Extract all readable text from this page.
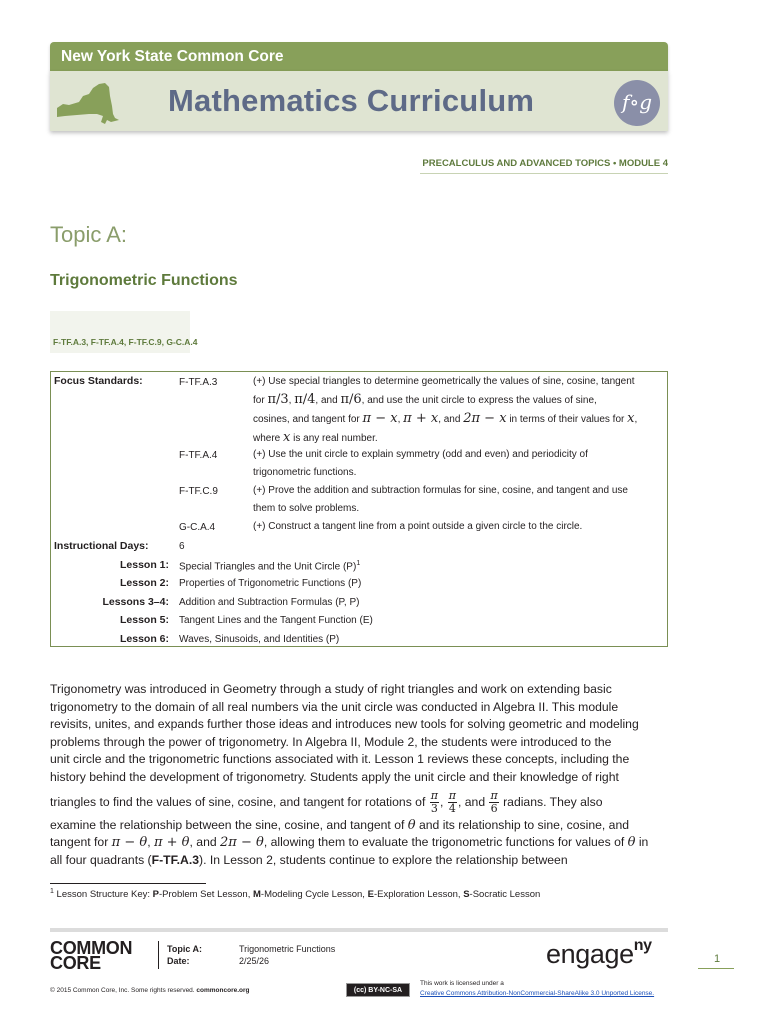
New York State Common Core
Mathematics Curriculum	f∘g
PRECALCULUS AND ADVANCED TOPICS • MODULE 4
Topic A:
Trigonometric Functions
F-TF.A.3, F-TF.A.4, F-TF.C.9, G-C.A.4
Focus Standards:	F-TF.A.3	(+) Use special triangles to determine geometrically the values of sine, cosine, tangent
for π/3, π/4, and π/6, and use the unit circle to express the values of sine,
cosines, and tangent for π − x, π + x, and 2π − x in terms of their values for x,
where x is any real number.
F-TF.A.4	(+) Use the unit circle to explain symmetry (odd and even) and periodicity of
trigonometric functions.
F-TF.C.9	(+) Prove the addition and subtraction formulas for sine, cosine, and tangent and use
them to solve problems.
G-C.A.4	(+) Construct a tangent line from a point outside a given circle to the circle.
Instructional Days:	6
Lesson 1: Special Triangles and the Unit Circle $(P)^1$
Lesson 2: Properties of Trigonometric Functions (P)
Lessons 3–4: Addition and Subtraction Formulas (P, P)
Lesson 5: Tangent Lines and the Tangent Function (E)
Lesson 6: Waves, Sinusoids, and Identities (P)
Trigonometry was introduced in Geometry through a study of right triangles and work on extending basic
trigonometry to the domain of all real numbers via the unit circle was conducted in Algebra II. This module
revisits, unites, and expands further those ideas and introduces new tools for solving geometric and modeling
problems through the power of trigonometry. In Algebra II, Module 2, the students were introduced to the
unit circle and the trigonometric functions associated with it. Lesson 1 reviews these concepts, including the
history behind the development of trigonometry. Students apply the unit circle and their knowledge of right
triangles to find the values of sine, cosine, and tangent for rotations of $\frac{\pi}{3}$ , $\frac{\pi}{4}$ , and $\frac{\pi}{6}$ radians. They also
examine the relationship between the sine, cosine, and tangent of θ and its relationship to sine, cosine, and
tangent for π − θ, π + θ, and 2π − θ, allowing them to evaluate the trigonometric functions for values of θ in
all four quadrants (F-TF.A.3). In Lesson 2, students continue to explore the relationship between
$^1$ Lesson Structure Key: P-Problem Set Lesson, M-Modeling Cycle Lesson, E-Exploration Lesson, S-Socratic Lesson
COMMON
CORE
Topic A:	Trigonometric Functions
Date:	2/25/26	engage$^{ny}$
1
© 2015 Common Core, Inc. Some rights reserved. commoncore.org	(cc) BY-NC-SA
This work is licensed under a
Creative Commons Attribution-NonCommercial-ShareAlike 3.0 Unported License.
